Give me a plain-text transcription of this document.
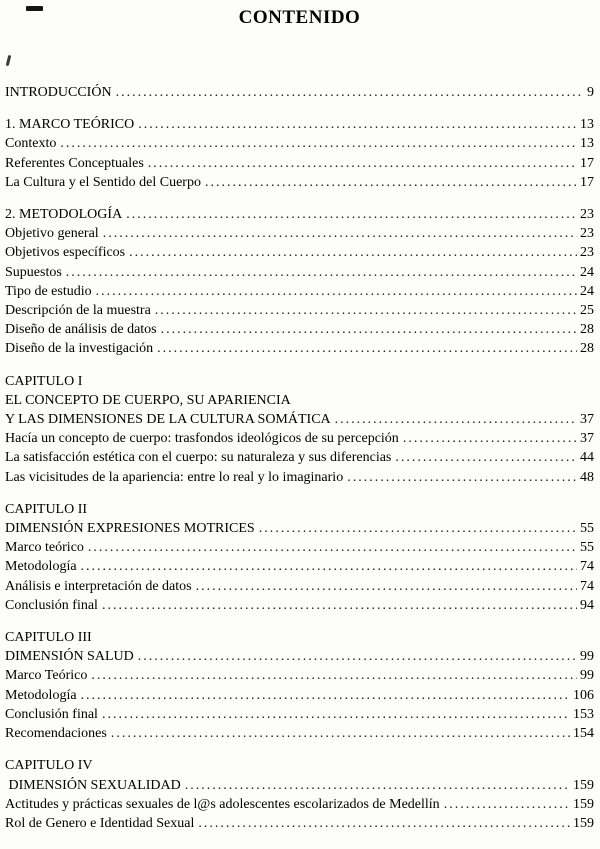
CONTENIDO
INTRODUCCIÓN .....	9
1. MARCO TEÓRICO .....	13
Contexto .....	13
Referentes Conceptuales .....	17
La Cultura y el Sentido del Cuerpo .....	17
2. METODOLOGÍA .....	23
Objetivo general .....	23
Objetivos específicos .....	23
Supuestos .....	24
Tipo de estudio .....	24
Descripción de la muestra .....	25
Diseño de análisis de datos .....	28
Diseño de la investigación .....	28
CAPITULO I
EL CONCEPTO DE CUERPO, SU APARIENCIA
Y LAS DIMENSIONES DE LA CULTURA SOMÁTICA .....	37
Hacía un concepto de cuerpo: trasfondos ideológicos de su percepción .....	37
La satisfacción estética con el cuerpo: su naturaleza y sus diferencias .....	44
Las vicisitudes de la apariencia: entre lo real y lo imaginario .....	48
CAPITULO II
DIMENSIÓN EXPRESIONES MOTRICES .....	55
Marco teórico .....	55
Metodología .....	74
Análisis e interpretación de datos .....	74
Conclusión final .....	94
CAPITULO III
DIMENSIÓN SALUD .....	99
Marco Teórico .....	99
Metodología .....	106
Conclusión final .....	153
Recomendaciones .....	154
CAPITULO IV
DIMENSIÓN SEXUALIDAD .....	159
Actitudes y prácticas sexuales de l@s adolescentes escolarizados de Medellín .....	159
Rol de Genero e Identidad Sexual .....	159
